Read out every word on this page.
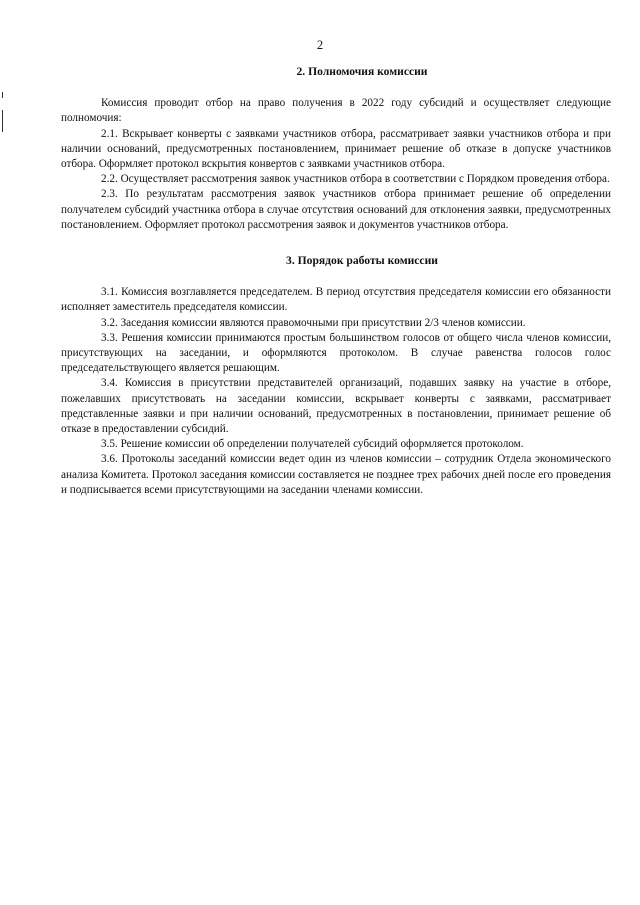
2
2. Полномочия комиссии

Комиссия проводит отбор на право получения в 2022 году субсидий и осуществляет следующие полномочия:

2.1. Вскрывает конверты с заявками участников отбора, рассматривает заявки участников отбора и при наличии оснований, предусмотренных постановлением, принимает решение об отказе в допуске участников отбора. Оформляет протокол вскрытия конвертов с заявками участников отбора.

2.2. Осуществляет рассмотрения заявок участников отбора в соответствии с Порядком проведения отбора.

2.3. По результатам рассмотрения заявок участников отбора принимает решение об определении получателем субсидий участника отбора в случае отсутствия оснований для отклонения заявки, предусмотренных постановлением. Оформляет протокол рассмотрения заявок и документов участников отбора.

3. Порядок работы комиссии

3.1. Комиссия возглавляется председателем. В период отсутствия председателя комиссии его обязанности исполняет заместитель председателя комиссии.

3.2. Заседания комиссии являются правомочными при присутствии 2/3 членов комиссии.

3.3. Решения комиссии принимаются простым большинством голосов от общего числа членов комиссии, присутствующих на заседании, и оформляются протоколом. В случае равенства голосов голос председательствующего является решающим.

3.4. Комиссия в присутствии представителей организаций, подавших заявку на участие в отборе, пожелавших присутствовать на заседании комиссии, вскрывает конверты с заявками, рассматривает представленные заявки и при наличии оснований, предусмотренных в постановлении, принимает решение об отказе в предоставлении субсидий.

3.5. Решение комиссии об определении получателей субсидий оформляется протоколом.

3.6. Протоколы заседаний комиссии ведет один из членов комиссии – сотрудник Отдела экономического анализа Комитета. Протокол заседания комиссии составляется не позднее трех рабочих дней после его проведения и подписывается всеми присутствующими на заседании членами комиссии.
